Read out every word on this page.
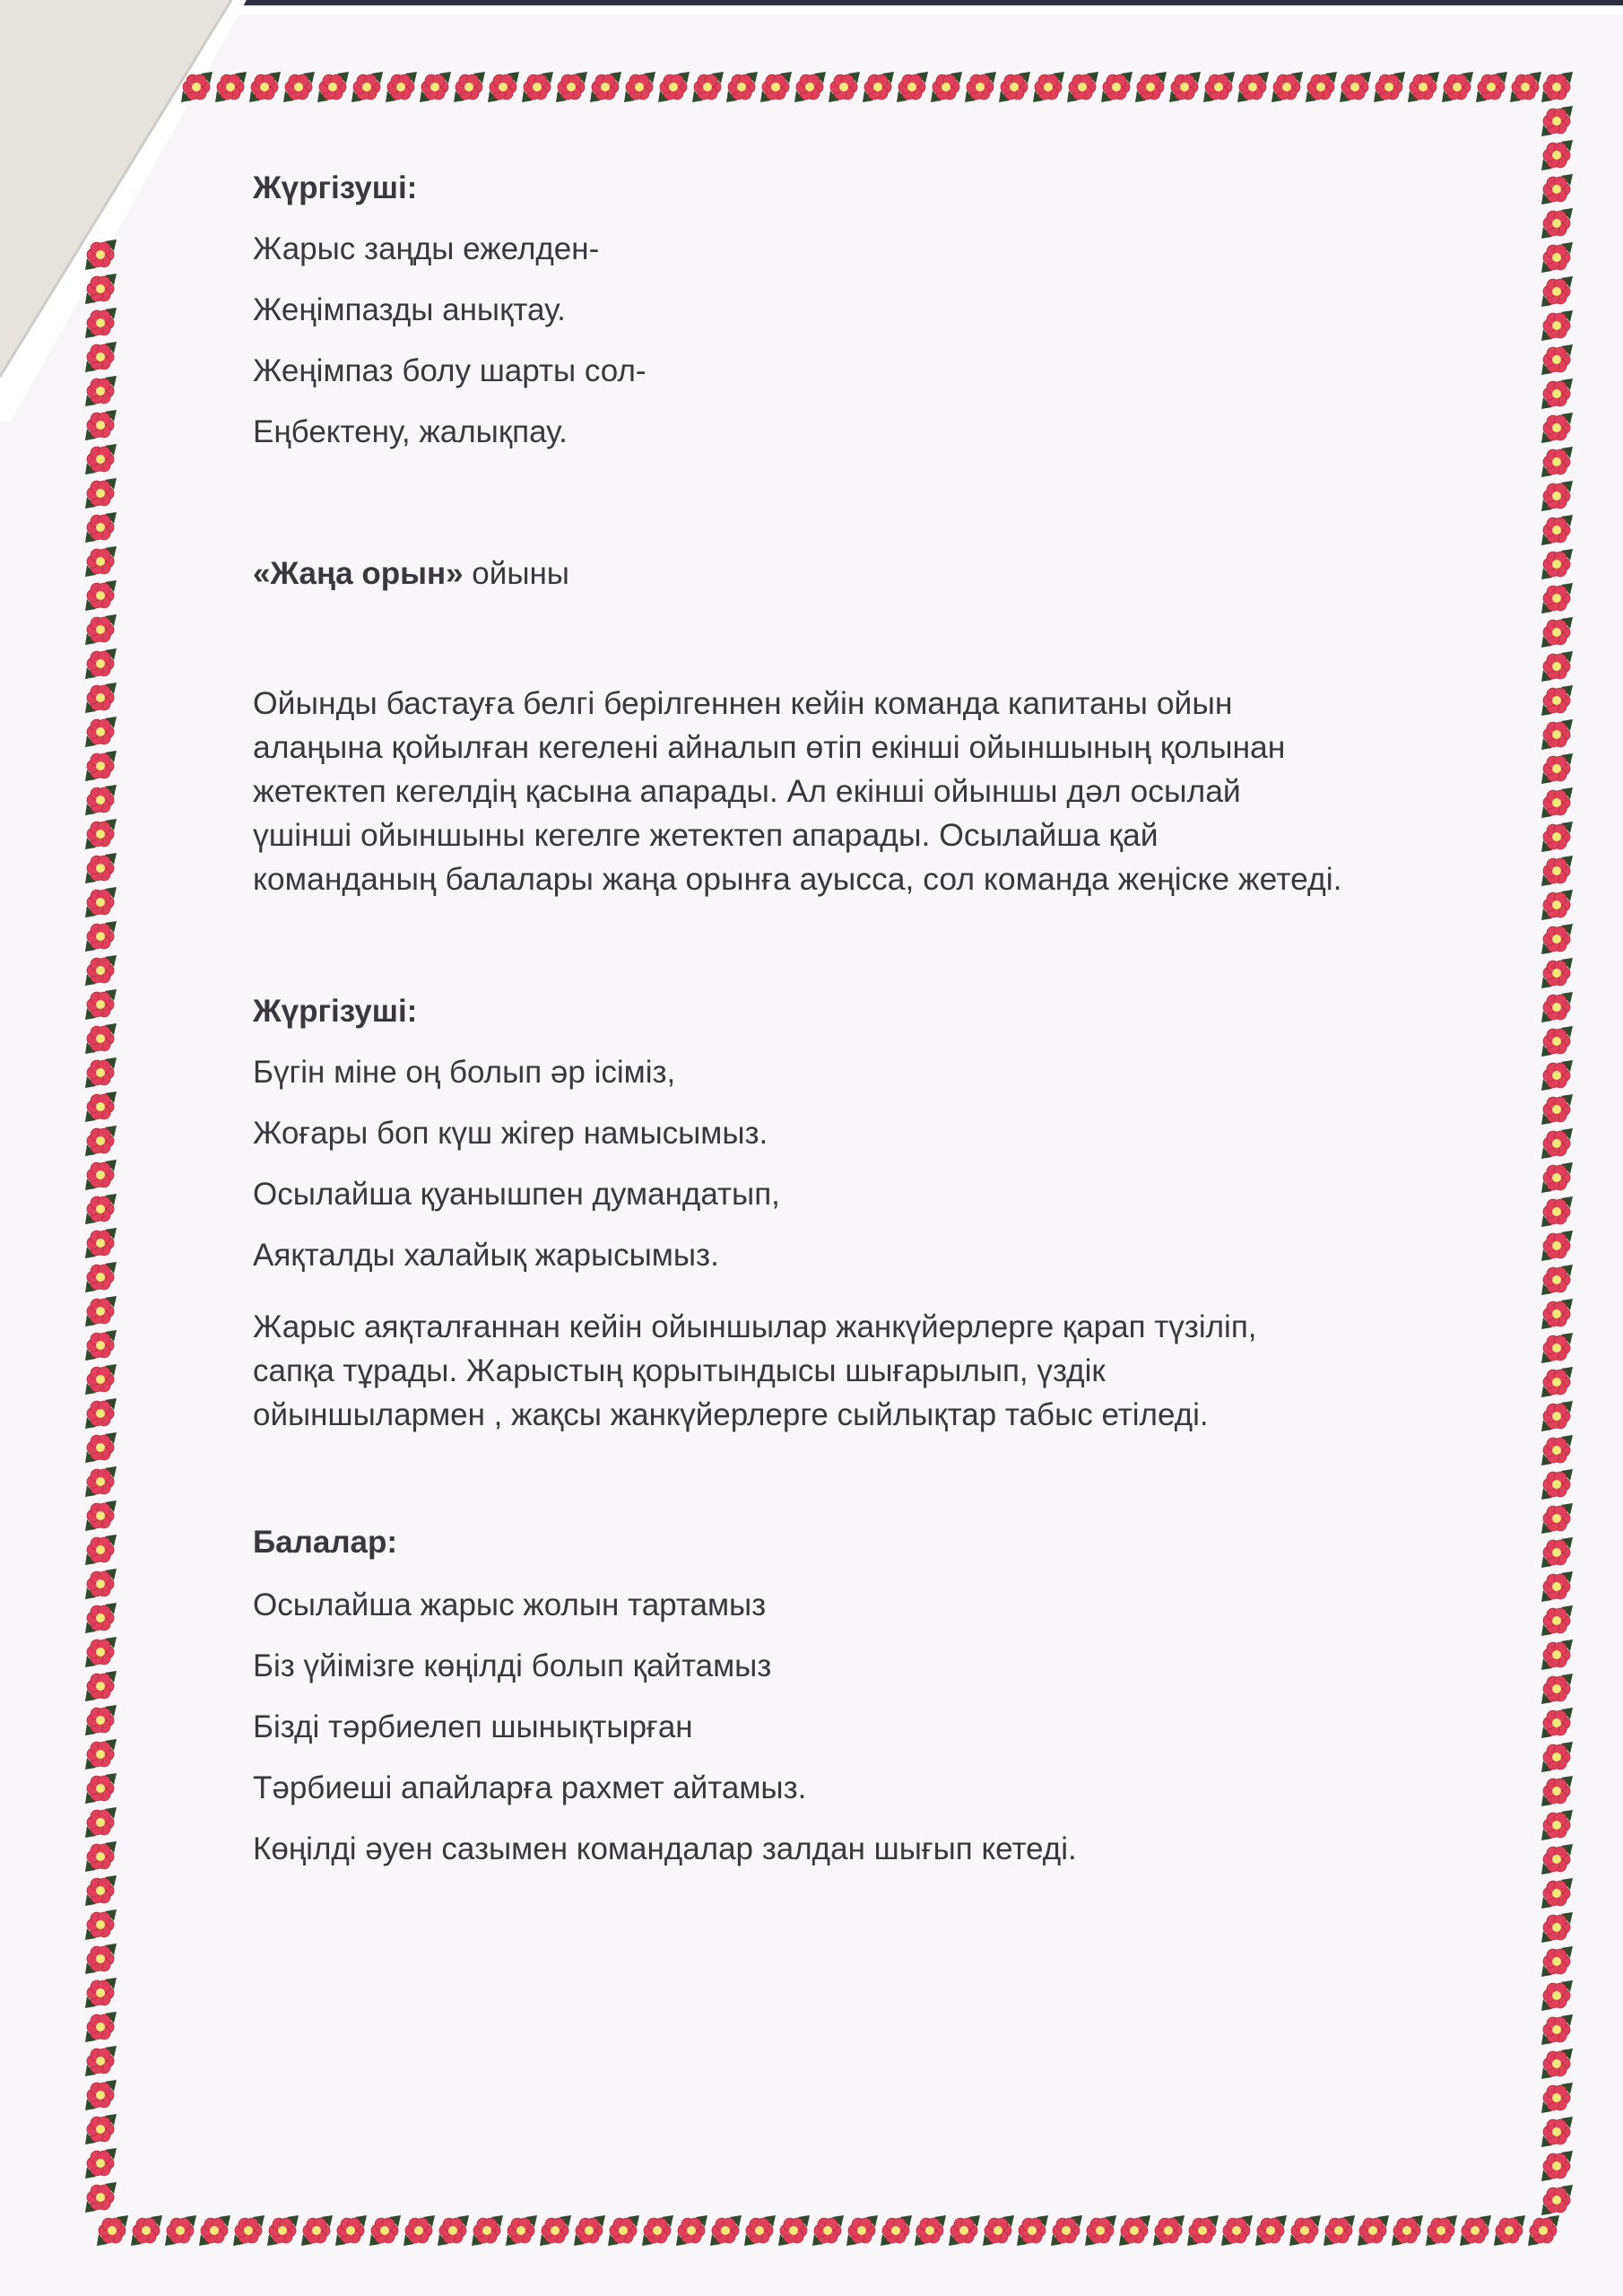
Жүргізуші:
Жарыс заңды ежелден-
Жеңімпазды анықтау.
Жеңімпаз болу шарты сол-
Еңбектену, жалықпау.
«Жаңа орын» ойыны
Ойынды бастауға белгі берілгеннен кейін команда капитаны ойын
алаңына қойылған кегелені айналып өтіп екінші ойыншының қолынан
жетектеп кегелдің қасына апарады. Ал екінші ойыншы дәл осылай
үшінші ойыншыны кегелге жетектеп апарады. Осылайша қай
команданың балалары жаңа орынға ауысса, сол команда жеңіске жетеді.
Жүргізуші:
Бүгін міне оң болып әр ісіміз,
Жоғары боп күш жігер намысымыз.
Осылайша қуанышпен думандатып,
Аяқталды халайық жарысымыз.
Жарыс аяқталғаннан кейін ойыншылар жанкүйерлерге қарап түзіліп,
сапқа тұрады. Жарыстың қорытындысы шығарылып, үздік
ойыншылармен , жақсы жанкүйерлерге сыйлықтар табыс етіледі.
Балалар:
Осылайша жарыс жолын тартамыз
Біз үйімізге көңілді болып қайтамыз
Бізді тәрбиелеп шынықтырған
Тәрбиеші апайларға рахмет айтамыз.
Көңілді әуен сазымен командалар залдан шығып кетеді.
